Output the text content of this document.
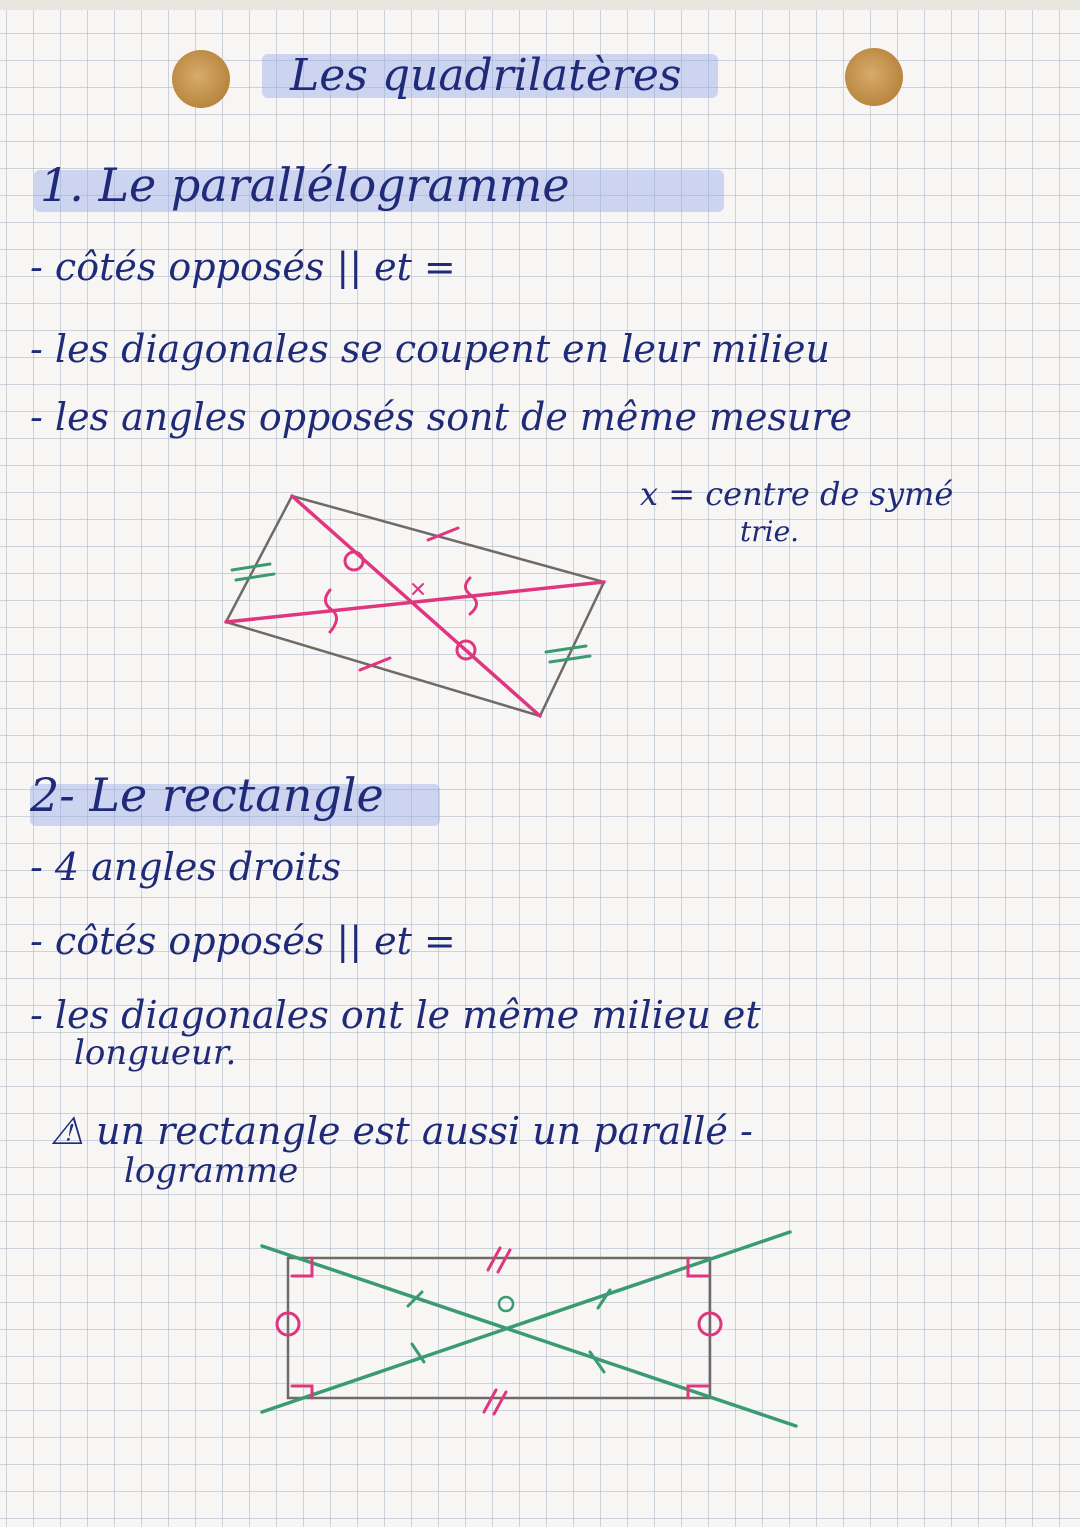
Les quadrilatères
1. Le parallélogramme
- côtés opposés || et =
- les diagonales se coupent en leur milieu
- les angles opposés sont de même mesure
x = centre de symé
trie.
2- Le rectangle
- 4 angles droits
- côtés opposés || et =
- les diagonales ont le même milieu et
longueur.
⚠ un rectangle est aussi un parallé -
logramme
